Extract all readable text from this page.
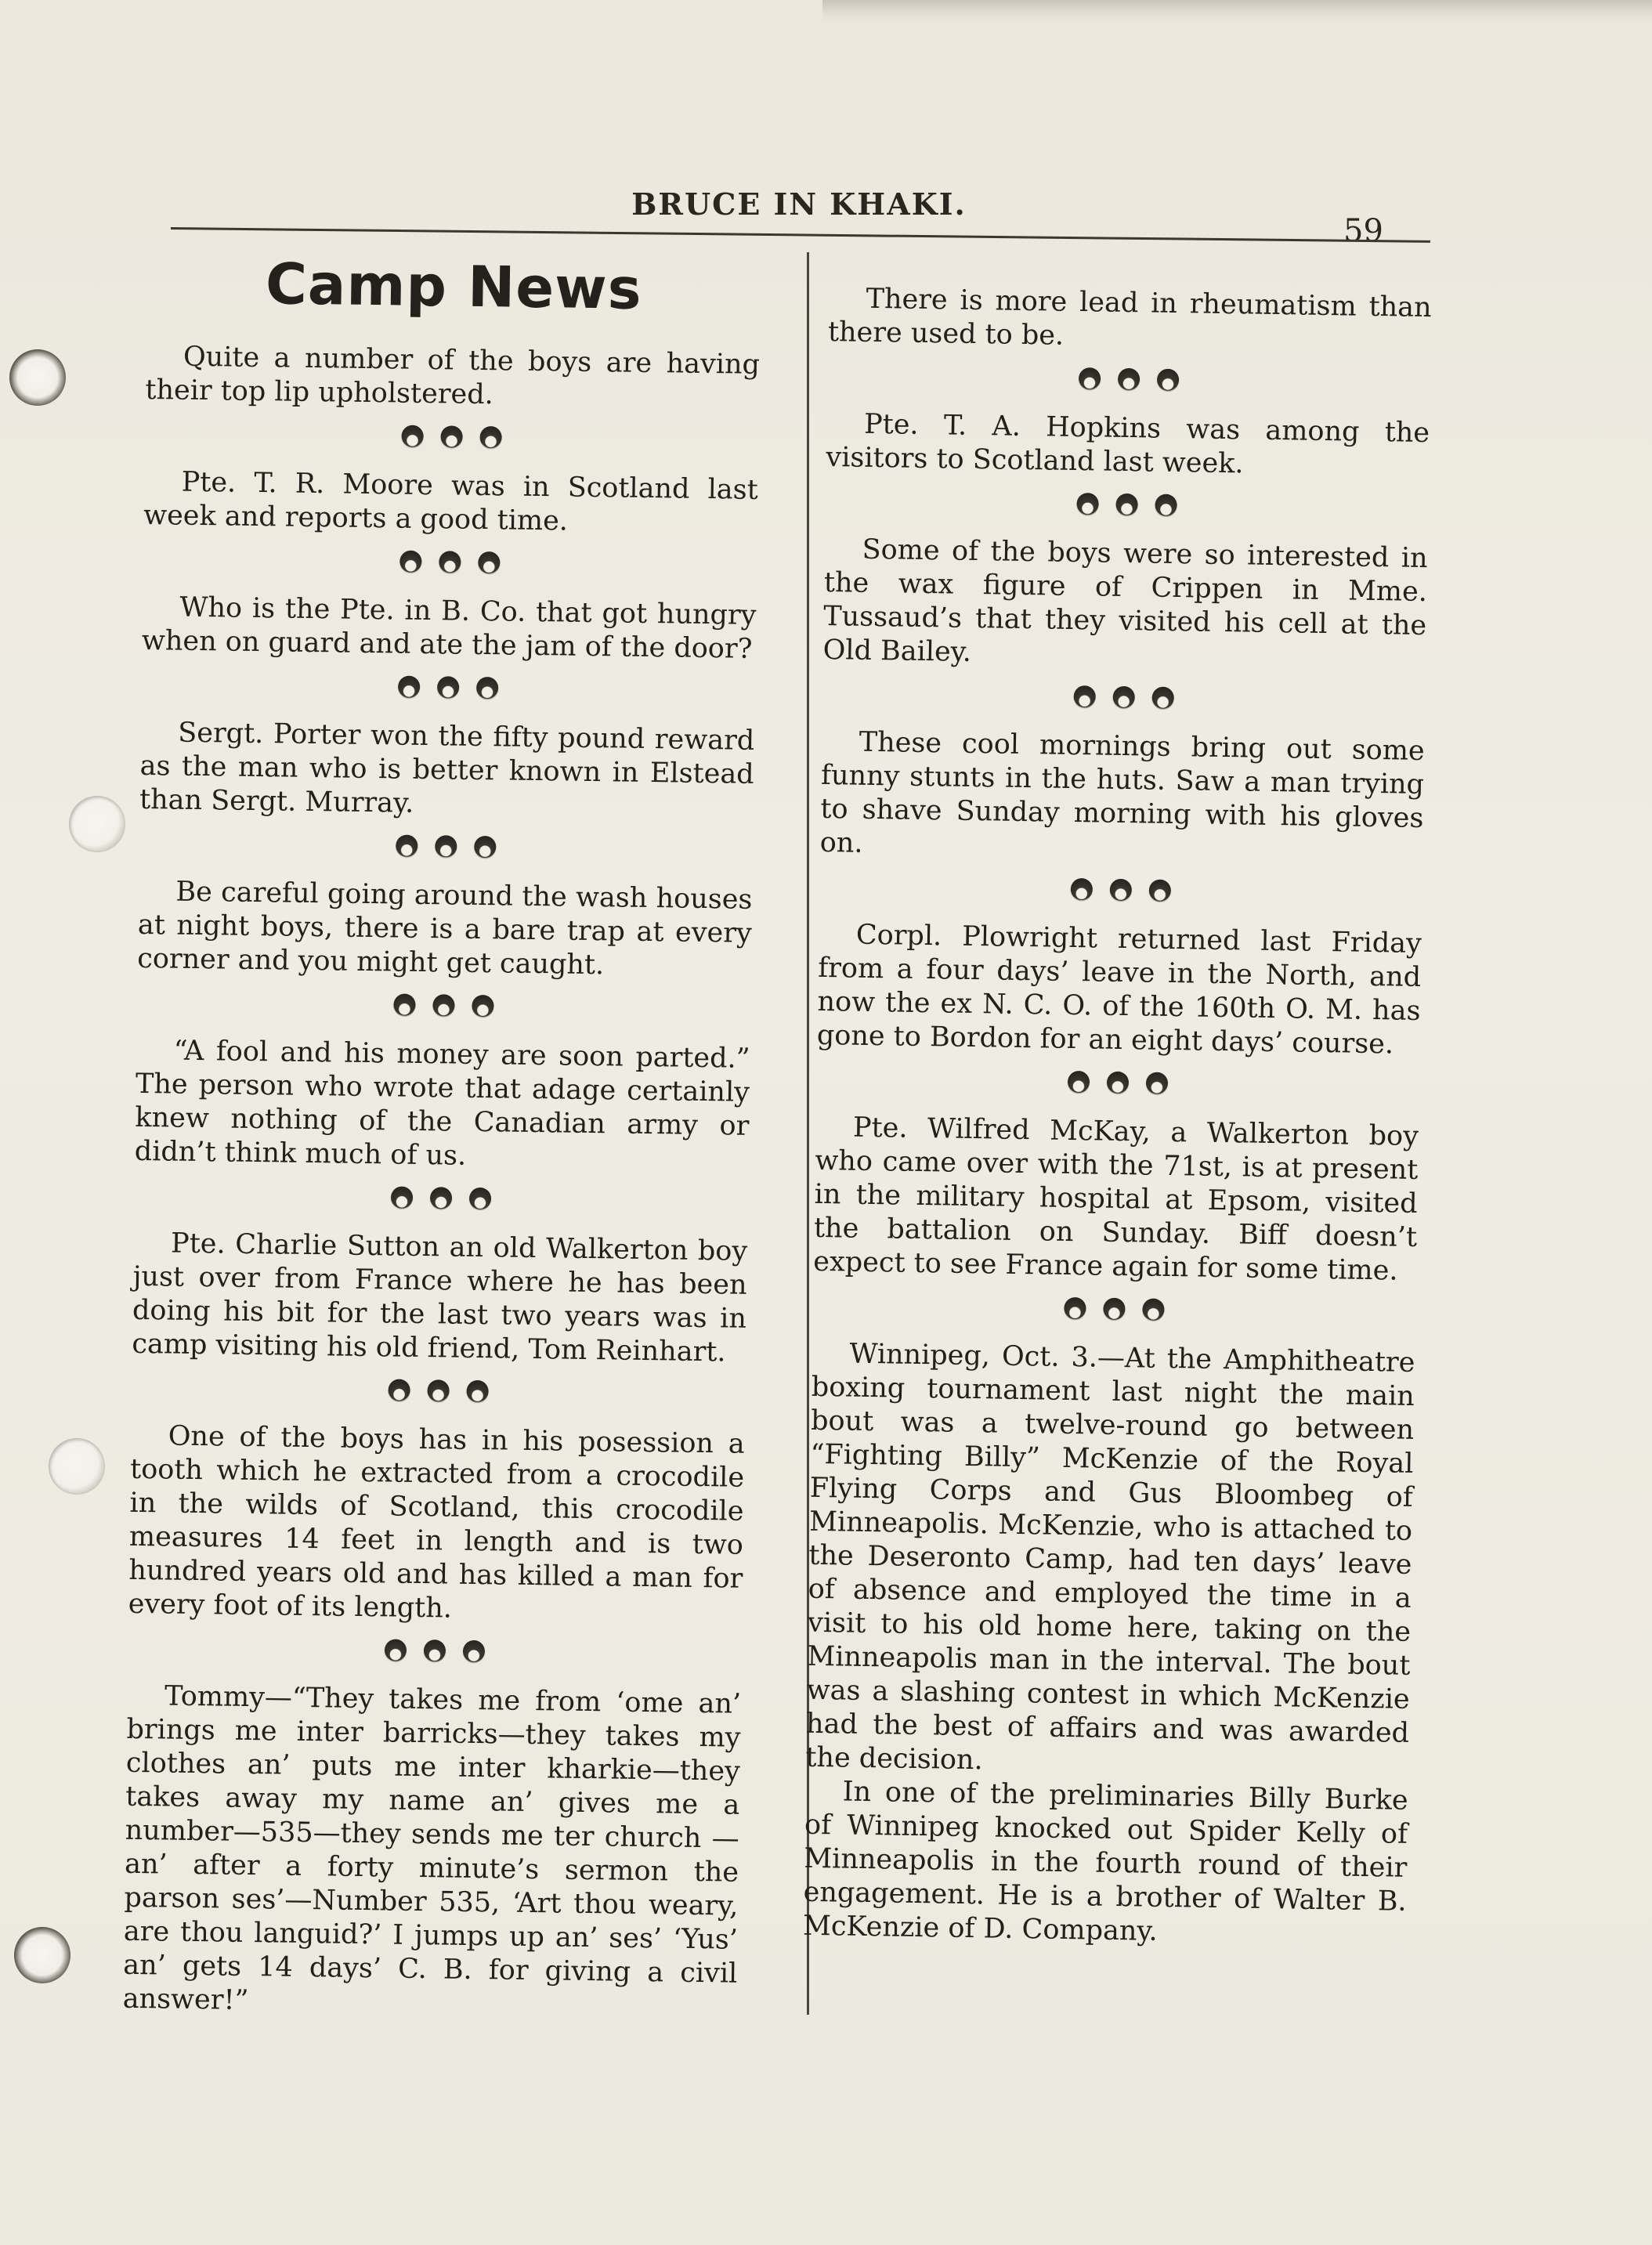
BRUCE IN KHAKI.
59
Camp News

Quite a number of the boys are having their top lip upholstered.

Pte. T. R. Moore was in Scotland last week and reports a good time.

Who is the Pte. in B. Co. that got hungry when on guard and ate the jam of the door?

Sergt. Porter won the fifty pound reward as the man who is better known in Elstead than Sergt. Murray.

Be careful going around the wash houses at night boys, there is a bare trap at every corner and you might get caught.

“A fool and his money are soon parted.” The person who wrote that adage certainly knew nothing of the Canadian army or didn’t think much of us.

Pte. Charlie Sutton an old Walkerton boy just over from France where he has been doing his bit for the last two years was in camp visiting his old friend, Tom Reinhart.

One of the boys has in his posession a tooth which he extracted from a crocodile in the wilds of Scotland, this crocodile measures 14 feet in length and is two hundred years old and has killed a man for every foot of its length.

Tommy—“They takes me from ‘ome an’ brings me inter barricks—they takes my clothes an’ puts me inter kharkie—they takes away my name an’ gives me a number—535—they sends me ter church —an’ after a forty minute’s sermon the parson ses’—Number 535, ‘Art thou weary, are thou languid?’ I jumps up an’ ses’ ‘Yus’ an’ gets 14 days’ C. B. for giving a civil answer!”

There is more lead in rheumatism than there used to be.

Pte. T. A. Hopkins was among the visitors to Scotland last week.

Some of the boys were so interested in the wax figure of Crippen in Mme. Tussaud’s that they visited his cell at the Old Bailey.

These cool mornings bring out some funny stunts in the huts. Saw a man trying to shave Sunday morning with his gloves on.

Corpl. Plowright returned last Friday from a four days’ leave in the North, and now the ex N. C. O. of the 160th O. M. has gone to Bordon for an eight days’ course.

Pte. Wilfred McKay, a Walkerton boy who came over with the 71st, is at present in the military hospital at Epsom, visited the battalion on Sunday. Biff doesn’t expect to see France again for some time.

Winnipeg, Oct. 3.—At the Amphitheatre boxing tournament last night the main bout was a twelve-round go between “Fighting Billy” McKenzie of the Royal Flying Corps and Gus Bloombeg of Minneapolis. McKenzie, who is attached to the Deseronto Camp, had ten days’ leave of absence and employed the time in a visit to his old home here, taking on the Minneapolis man in the interval. The bout was a slashing contest in which McKenzie had the best of affairs and was awarded the decision.

In one of the preliminaries Billy Burke of Winnipeg knocked out Spider Kelly of Minneapolis in the fourth round of their engagement. He is a brother of Walter B. McKenzie of D. Company.
